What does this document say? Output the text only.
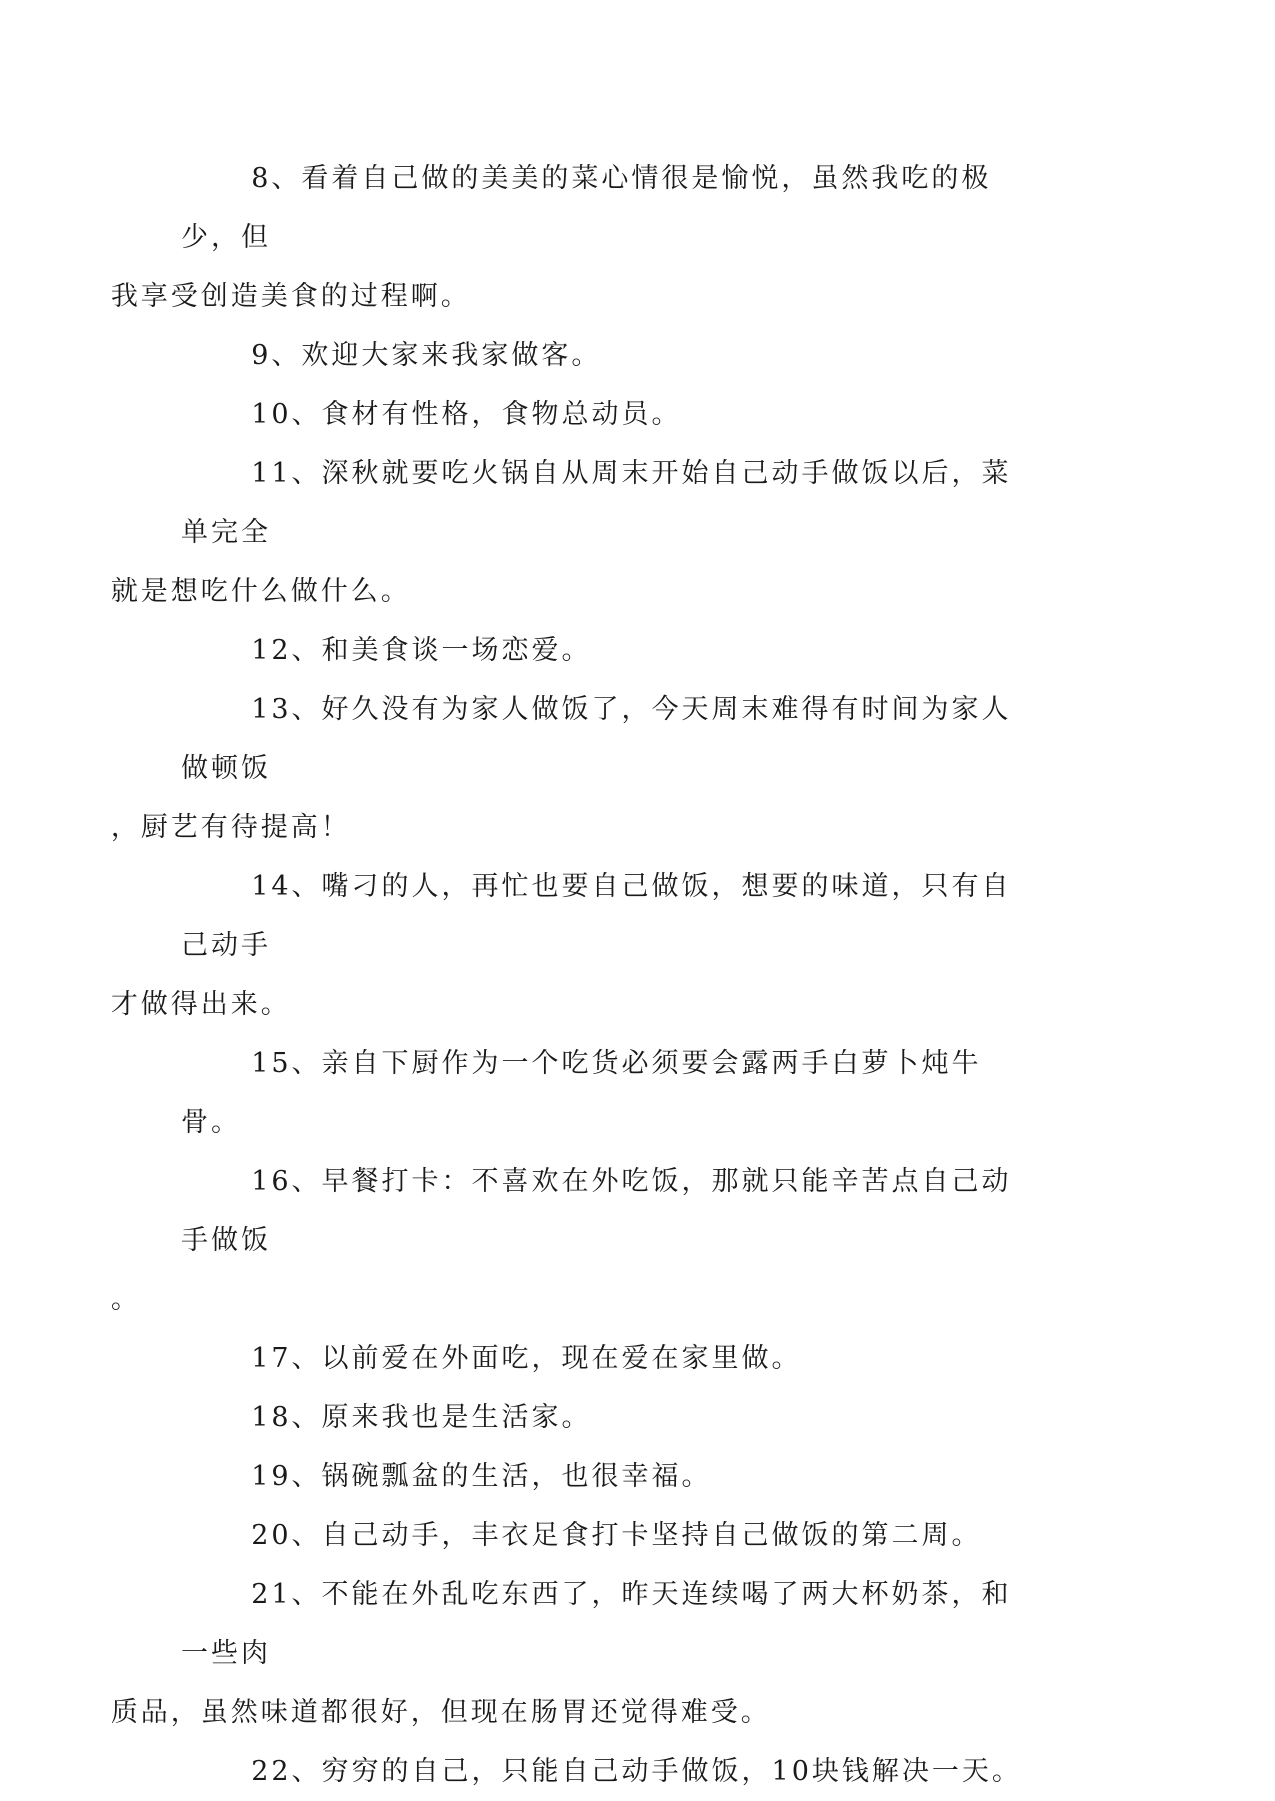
8、看着自己做的美美的菜心情很是愉悦，虽然我吃的极少，但
我享受创造美食的过程啊。

9、欢迎大家来我家做客。

10、食材有性格，食物总动员。

11、深秋就要吃火锅自从周末开始自己动手做饭以后，菜单完全
就是想吃什么做什么。

12、和美食谈一场恋爱。

13、好久没有为家人做饭了，今天周末难得有时间为家人做顿饭
，厨艺有待提高！

14、嘴刁的人，再忙也要自己做饭，想要的味道，只有自己动手
才做得出来。

15、亲自下厨作为一个吃货必须要会露两手白萝卜炖牛骨。

16、早餐打卡：不喜欢在外吃饭，那就只能辛苦点自己动手做饭
。

17、以前爱在外面吃，现在爱在家里做。

18、原来我也是生活家。

19、锅碗瓢盆的生活，也很幸福。

20、自己动手，丰衣足食打卡坚持自己做饭的第二周。

21、不能在外乱吃东西了，昨天连续喝了两大杯奶茶，和一些肉
质品，虽然味道都很好，但现在肠胃还觉得难受。

22、穷穷的自己，只能自己动手做饭，10块钱解决一天。
